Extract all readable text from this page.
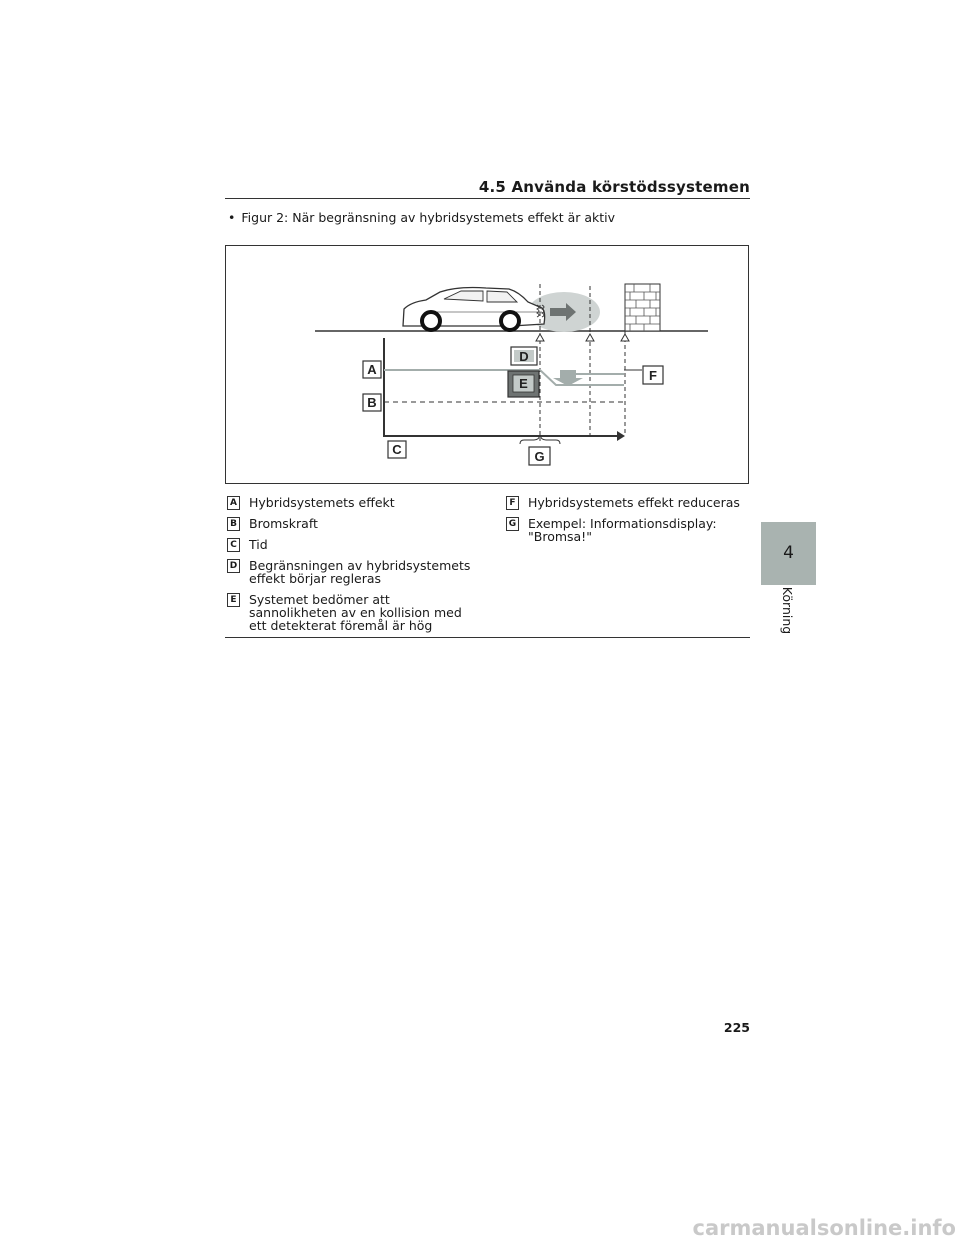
4.5 Använda körstödssystemen
• Figur 2: När begränsning av hybridsystemets effekt är aktiv
A
B
C
D
E
F
G
A Hybridsystemets effekt
B Bromskraft
C Tid
D Begränsningen av hybridsystemets effekt börjar regleras
E Systemet bedömer att sannolikheten av en kollision med ett detekterat föremål är hög
F Hybridsystemets effekt reduceras
G Exempel: Informationsdisplay: "Bromsa!"
4
Körning
225
carmanualsonline.info
